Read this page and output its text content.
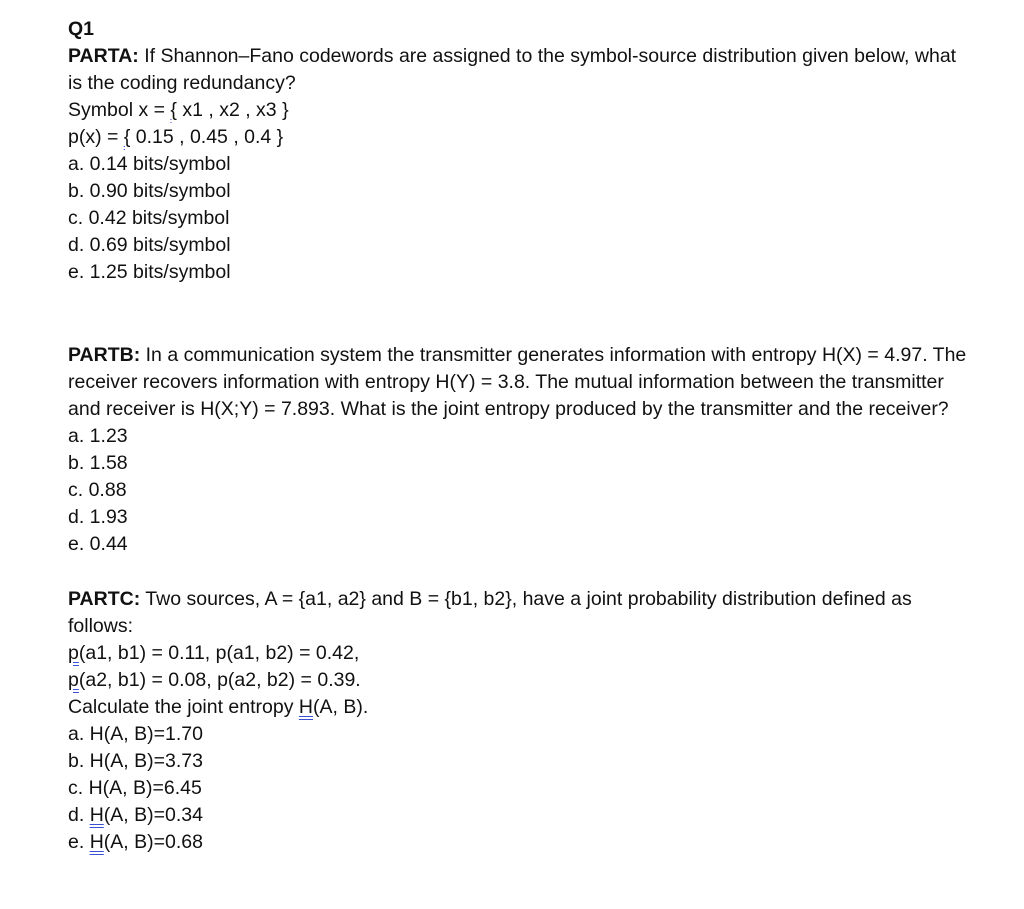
Q1
PARTA: If Shannon–Fano codewords are assigned to the symbol-source distribution given below, what is the coding redundancy?
Symbol x = { x1 , x2 , x3 }
p(x) = { 0.15 , 0.45 , 0.4 }
a. 0.14 bits/symbol
b. 0.90 bits/symbol
c. 0.42 bits/symbol
d. 0.69 bits/symbol
e. 1.25 bits/symbol
PARTB: In a communication system the transmitter generates information with entropy H(X) = 4.97. The receiver recovers information with entropy H(Y) = 3.8. The mutual information between the transmitter and receiver is H(X;Y) = 7.893. What is the joint entropy produced by the transmitter and the receiver?
a. 1.23
b. 1.58
c. 0.88
d. 1.93
e. 0.44
PARTC: Two sources, A = {a1, a2} and B = {b1, b2}, have a joint probability distribution defined as follows:
p(a1, b1) = 0.11, p(a1, b2) = 0.42,
p(a2, b1) = 0.08, p(a2, b2) = 0.39.
Calculate the joint entropy H(A, B).
a. H(A, B)=1.70
b. H(A, B)=3.73
c. H(A, B)=6.45
d. H(A, B)=0.34
e. H(A, B)=0.68
